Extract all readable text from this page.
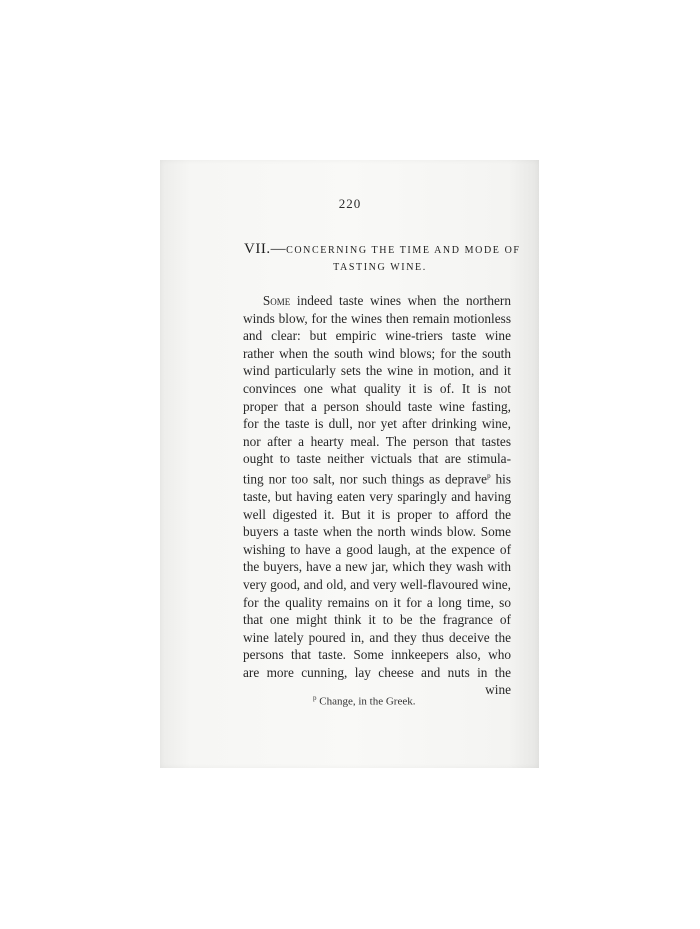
220
VII.—CONCERNING THE TIME AND MODE OF
TASTING WINE.
Some indeed taste wines when the northern
winds blow, for the wines then remain motionless
and clear: but empiric wine-triers taste wine
rather when the south wind blows; for the south
wind particularly sets the wine in motion, and it
convinces one what quality it is of. It is not
proper that a person should taste wine fasting,
for the taste is dull, nor yet after drinking wine,
nor after a hearty meal. The person that tastes
ought to taste neither victuals that are stimula-
ting nor too salt, nor such things as deprave$^p$ his
taste, but having eaten very sparingly and having
well digested it. But it is proper to afford the
buyers a taste when the north winds blow. Some
wishing to have a good laugh, at the expence of
the buyers, have a new jar, which they wash with
very good, and old, and very well-flavoured wine,
for the quality remains on it for a long time, so
that one might think it to be the fragrance of
wine lately poured in, and they thus deceive the
persons that taste. Some innkeepers also, who
are more cunning, lay cheese and nuts in the
wine
$^p$ Change, in the Greek.
